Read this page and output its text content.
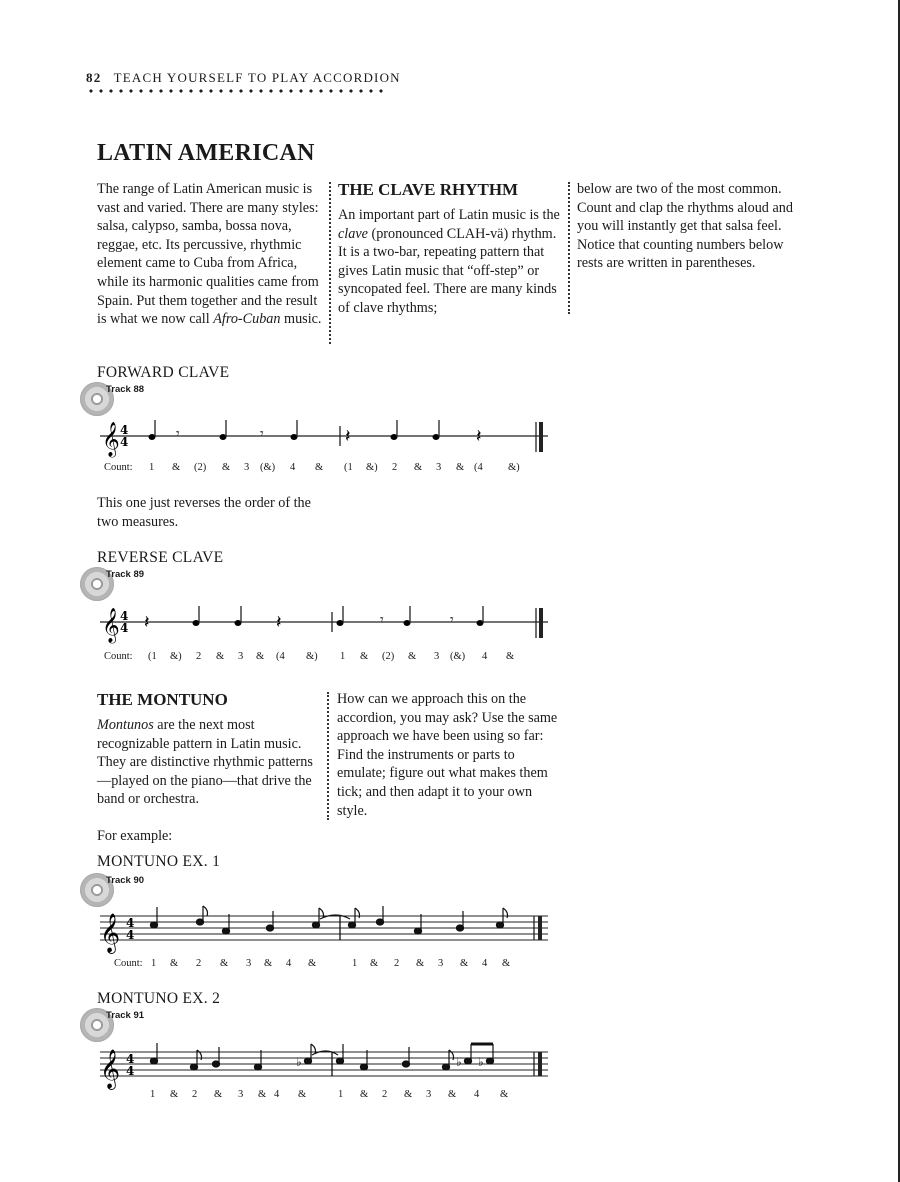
82 TEACH YOURSELF TO PLAY ACCORDION
LATIN AMERICAN
The range of Latin American music is vast and varied. There are many styles: salsa, calypso, samba, bossa nova, reggae, etc. Its percussive, rhythmic element came to Cuba from Africa, while its harmonic qualities came from Spain. Put them together and the result is what we now call Afro-Cuban music.
THE CLAVE RHYTHM
An important part of Latin music is the clave (pronounced CLAH-vä) rhythm. It is a two-bar, repeating pattern that gives Latin music that “off-step” or syncopated feel. There are many kinds of clave rhythms;
below are two of the most common. Count and clap the rhythms aloud and you will instantly get that salsa feel. Notice that counting numbers below rests are written in parentheses.
FORWARD CLAVE
Track 88
𝄞 4
4	𝄾	𝄾	𝄽	𝄽
Count: 1 & (2) & 3 (&) 4 & (1 &) 2 & 3 & (4 &)
This one just reverses the order of the two measures.
REVERSE CLAVE
Track 89
𝄞 4
4 𝄽	𝄽	𝄾	𝄾
Count: (1 &) 2 & 3 & (4 &) 1 & (2) & 3 (&) 4 &
THE MONTUNO
Montunos are the next most recognizable pattern in Latin music. They are distinctive rhythmic patterns—played on the piano—that drive the band or orchestra.
How can we approach this on the accordion, you may ask? Use the same approach we have been using so far: Find the instruments or parts to emulate; figure out what makes them tick; and then adapt it to your own style.
For example:
MONTUNO EX. 1
Track 90
𝄞 4
4
Count: 1 & 2 & 3 & 4 &	1 & 2 & 3 & 4 &
MONTUNO EX. 2
Track 91
𝄞 4
4
♭	♭ ♭
1 & 2 & 3 & 4 &	1 & 2 & 3 & 4 &
